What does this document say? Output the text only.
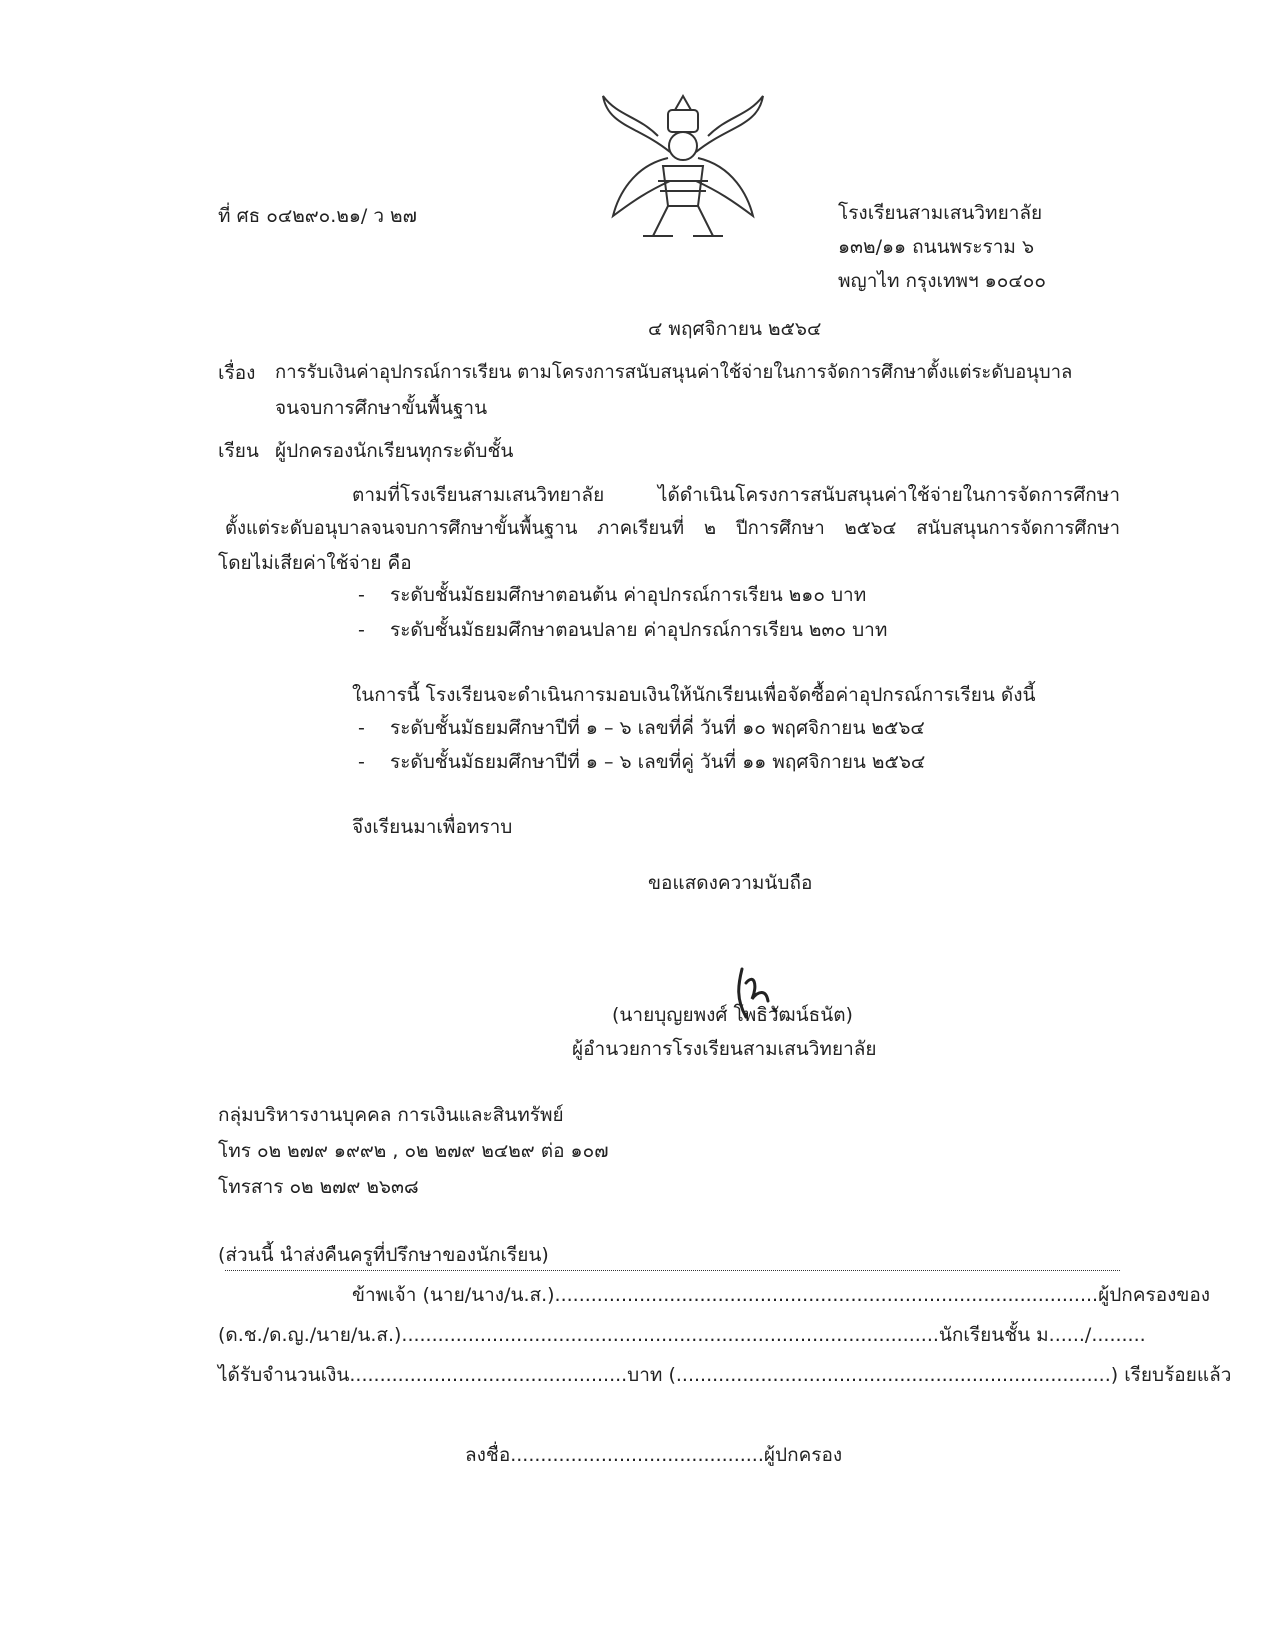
ที่ ศธ ๐๔๒๙๐.๒๑/ ว ๒๗	โรงเรียนสามเสนวิทยาลัย
๑๓๒/๑๑ ถนนพระราม ๖
พญาไท กรุงเทพฯ ๑๐๔๐๐
๔ พฤศจิกายน ๒๕๖๔
เรื่อง การรับเงินค่าอุปกรณ์การเรียน ตามโครงการสนับสนุนค่าใช้จ่ายในการจัดการศึกษาตั้งแต่ระดับอนุบาล
จนจบการศึกษาขั้นพื้นฐาน
เรียน ผู้ปกครองนักเรียนทุกระดับชั้น
ตามที่โรงเรียนสามเสนวิทยาลัย ได้ดำเนินโครงการสนับสนุนค่าใช้จ่ายในการจัดการศึกษา
ตั้งแต่ระดับอนุบาลจนจบการศึกษาขั้นพื้นฐาน ภาคเรียนที่ ๒ ปีการศึกษา ๒๕๖๔ สนับสนุนการจัดการศึกษา
โดยไม่เสียค่าใช้จ่าย คือ
- ระดับชั้นมัธยมศึกษาตอนต้น ค่าอุปกรณ์การเรียน ๒๑๐ บาท
- ระดับชั้นมัธยมศึกษาตอนปลาย ค่าอุปกรณ์การเรียน ๒๓๐ บาท
ในการนี้ โรงเรียนจะดำเนินการมอบเงินให้นักเรียนเพื่อจัดซื้อค่าอุปกรณ์การเรียน ดังนี้
- ระดับชั้นมัธยมศึกษาปีที่ ๑ – ๖ เลขที่คี่ วันที่ ๑๐ พฤศจิกายน ๒๕๖๔
- ระดับชั้นมัธยมศึกษาปีที่ ๑ – ๖ เลขที่คู่ วันที่ ๑๑ พฤศจิกายน ๒๕๖๔
จึงเรียนมาเพื่อทราบ
ขอแสดงความนับถือ
(นายบุญยพงศ์ โพธิวัฒน์ธนัต)
ผู้อำนวยการโรงเรียนสามเสนวิทยาลัย
กลุ่มบริหารงานบุคคล การเงินและสินทรัพย์
โทร ๐๒ ๒๗๙ ๑๙๙๒ , ๐๒ ๒๗๙ ๒๔๒๙ ต่อ ๑๐๗
โทรสาร ๐๒ ๒๗๙ ๒๖๓๘
(ส่วนนี้ นำส่งคืนครูที่ปรึกษาของนักเรียน)
ข้าพเจ้า (นาย/นาง/น.ส.)..........................................................................................ผู้ปกครองของ
(ด.ช./ด.ญ./นาย/น.ส.).........................................................................................นักเรียนชั้น ม....../.........
ได้รับจำนวนเงิน..............................................บาท (........................................................................) เรียบร้อยแล้ว
ลงชื่อ..........................................ผู้ปกครอง
